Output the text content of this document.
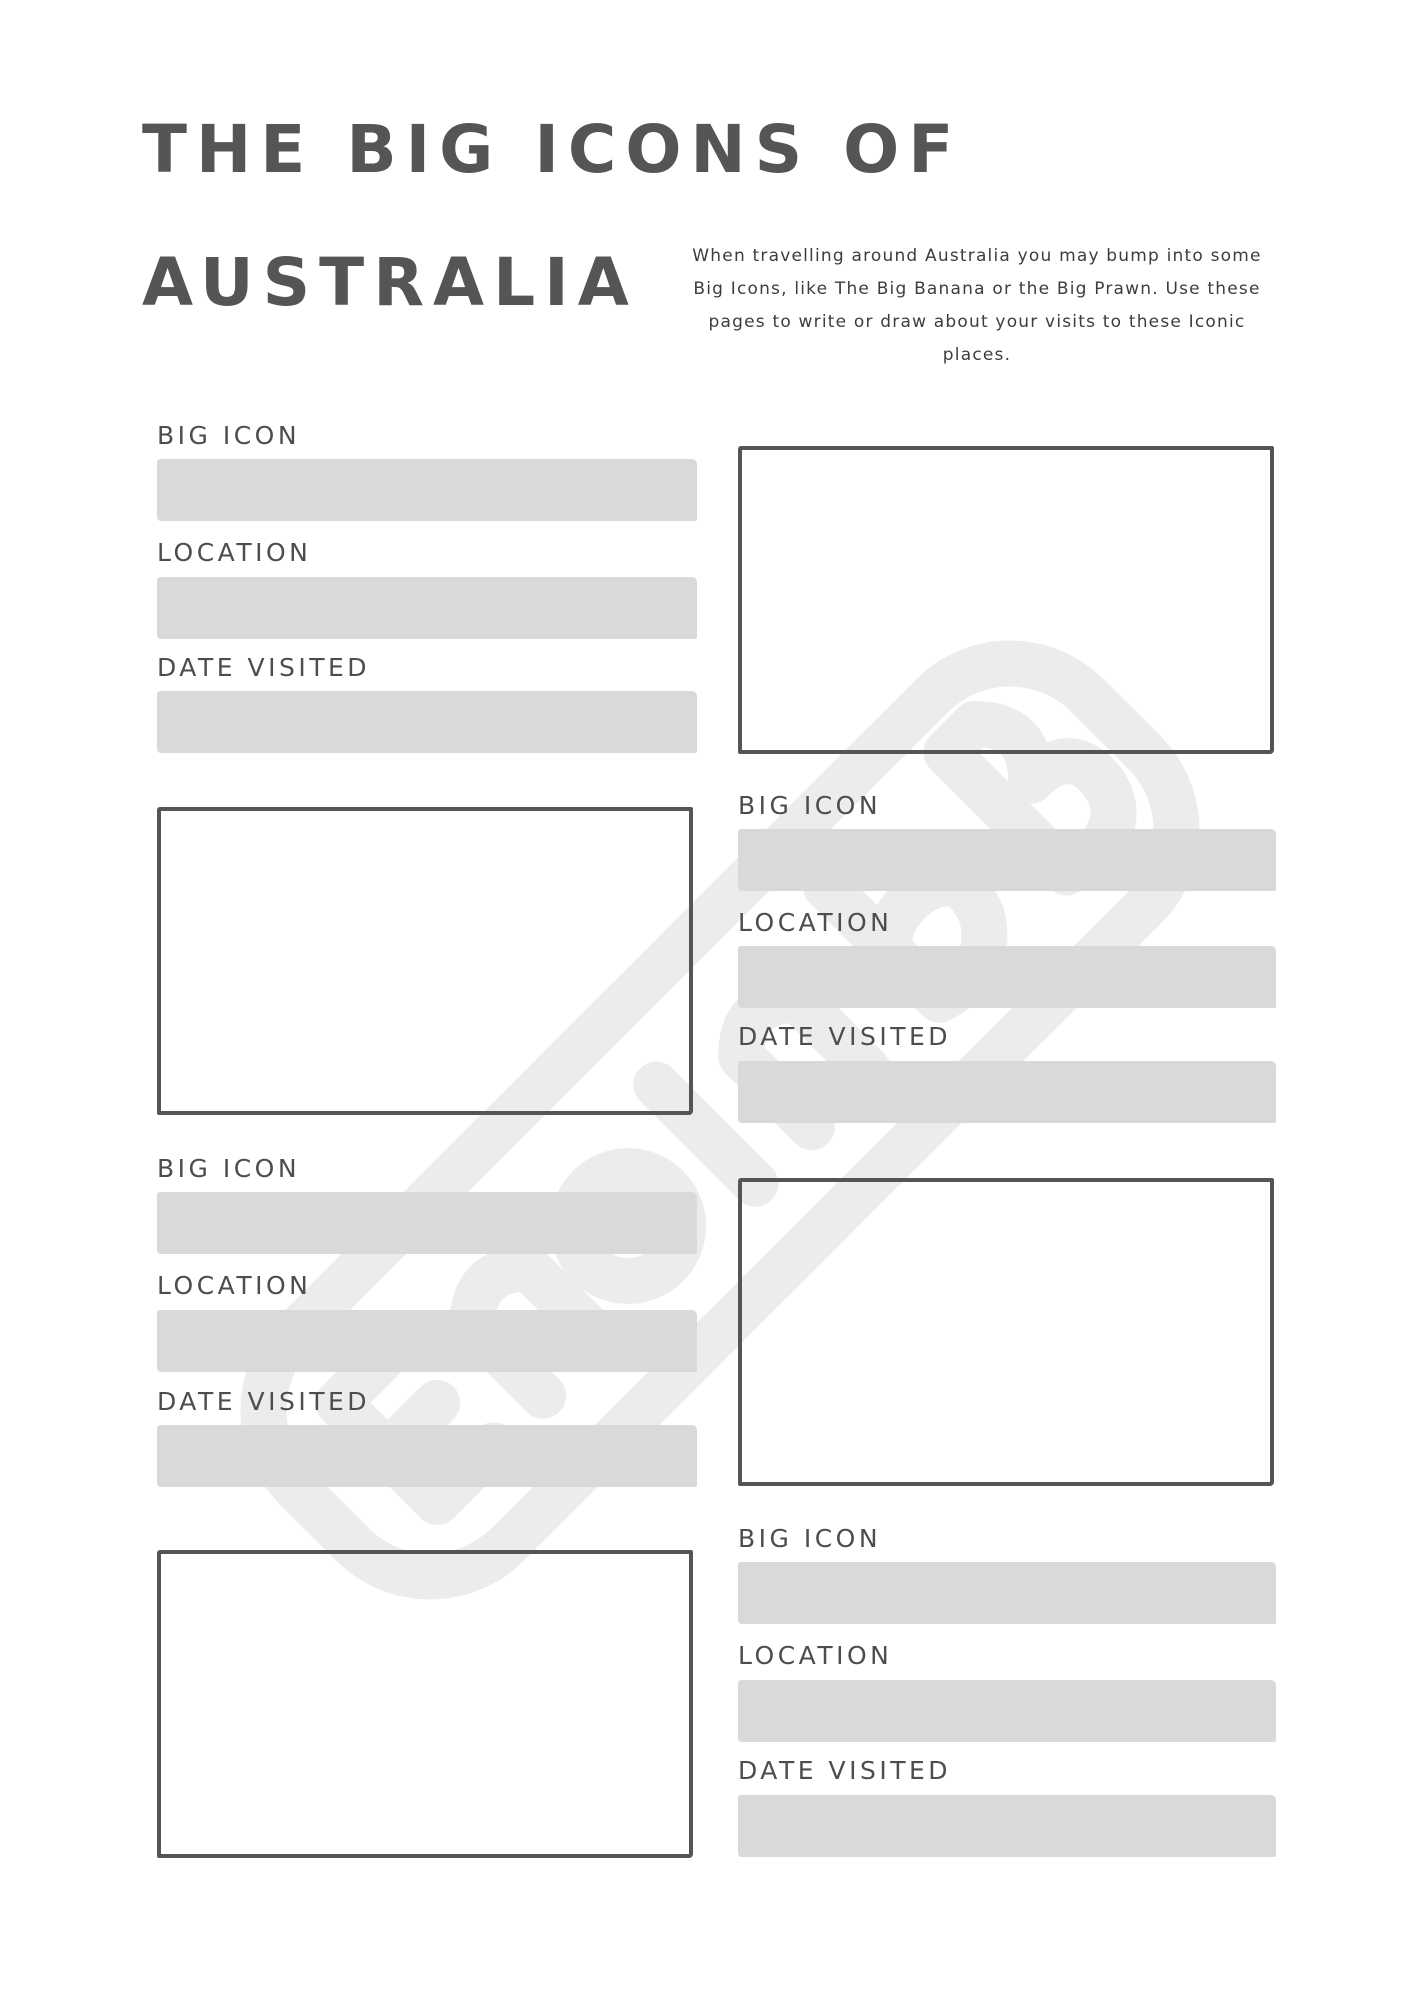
THE BIG ICONS OF
AUSTRALIA	When travelling around Australia you may bump into some Big Icons, like The Big Banana or the Big Prawn. Use these pages to write or draw about your visits to these Iconic places.

BIG ICON
LOCATION
DATE VISITED
BIG ICON
LOCATION
DATE VISITED
BIG ICON
LOCATION
DATE VISITED
BIG ICON
LOCATION
DATE VISITED
